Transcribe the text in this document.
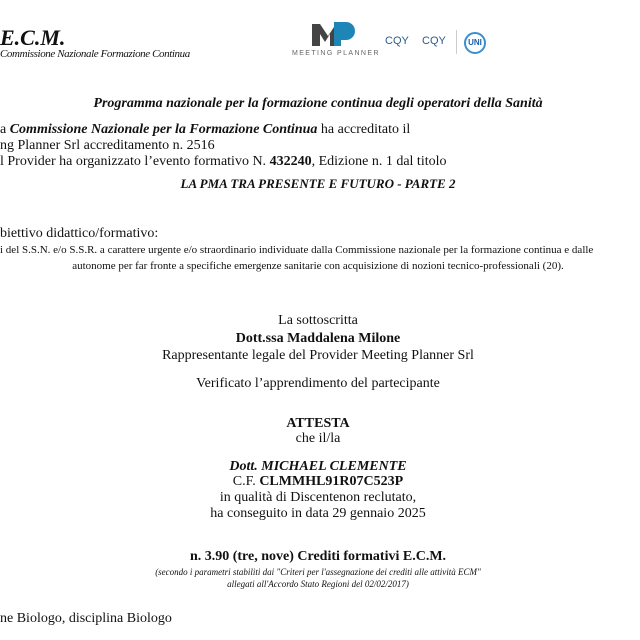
E.C.M.
Commissione Nazionale Formazione Continua	MEETING PLANNER
CQY CQY	UNI
Programma nazionale per la formazione continua degli operatori della Sanità
a Commissione Nazionale per la Formazione Continua ha accreditato il
ng Planner Srl accreditamento n. 2516
l Provider ha organizzato l’evento formativo N. 432240, Edizione n. 1 dal titolo
LA PMA TRA PRESENTE E FUTURO - PARTE 2
biettivo didattico/formativo:
i del S.S.N. e/o S.S.R. a carattere urgente e/o straordinario individuate dalla Commissione nazionale per la formazione continua e dalle
autonome per far fronte a specifiche emergenze sanitarie con acquisizione di nozioni tecnico-professionali (20).
La sottoscritta
Dott.ssa Maddalena Milone
Rappresentante legale del Provider Meeting Planner Srl
Verificato l’apprendimento del partecipante
ATTESTA
che il/la
Dott. MICHAEL CLEMENTE
C.F. CLMMHL91R07C523P
in qualità di Discentenon reclutato,
ha conseguito in data 29 gennaio 2025
n. 3.90 (tre, nove) Crediti formativi E.C.M.
(secondo i parametri stabiliti dai "Criteri per l'assegnazione dei crediti alle attività ECM"
allegati all'Accordo Stato Regioni del 02/02/2017)
ne Biologo, disciplina Biologo
